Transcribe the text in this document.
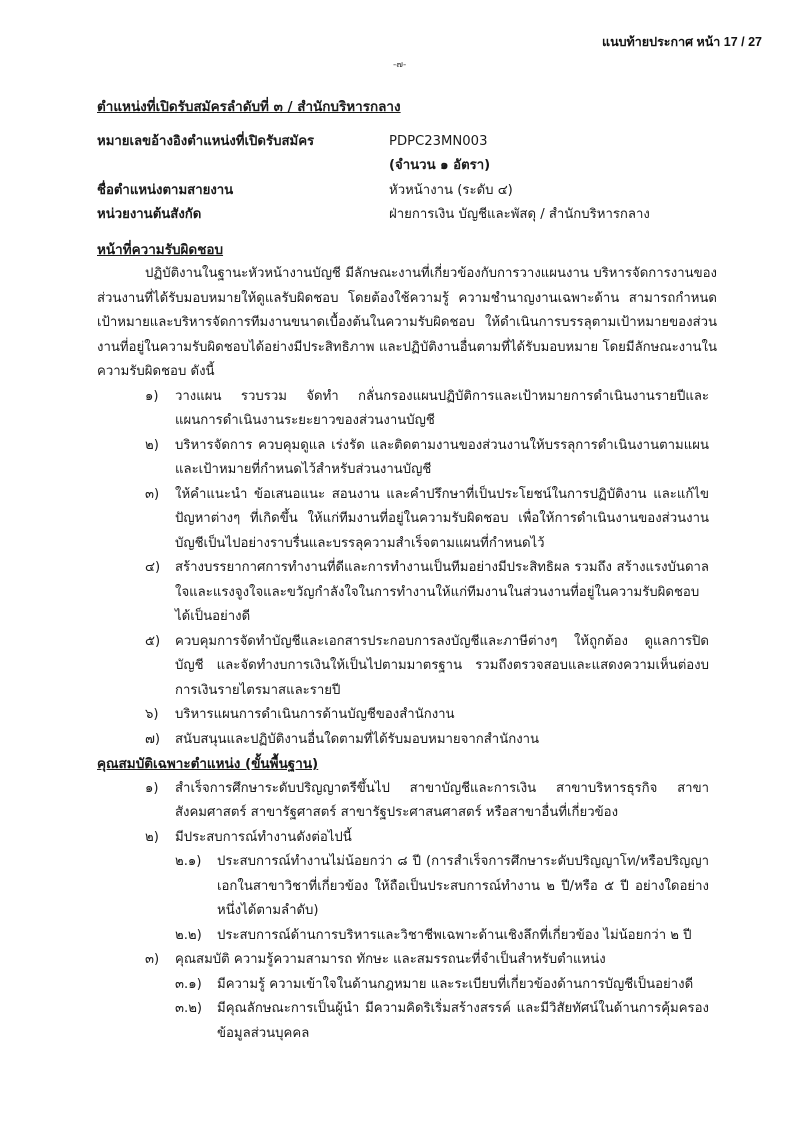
แนบท้ายประกาศ หน้า 17 / 27
-๗-

ตำแหน่งที่เปิดรับสมัครลำดับที่ ๓ / สำนักบริหารกลาง

หมายเลขอ้างอิงตำแหน่งที่เปิดรับสมัคร	PDPC23MN003
(จำนวน ๑ อัตรา)
ชื่อตำแหน่งตามสายงาน	หัวหน้างาน (ระดับ ๔)
หน่วยงานต้นสังกัด	ฝ่ายการเงิน บัญชีและพัสดุ / สำนักบริหารกลาง

หน้าที่ความรับผิดชอบ

ปฏิบัติงานในฐานะหัวหน้างานบัญชี มีลักษณะงานที่เกี่ยวข้องกับการวางแผนงาน บริหารจัดการงานของส่วนงานที่ได้รับมอบหมายให้ดูแลรับผิดชอบ โดยต้องใช้ความรู้ ความชำนาญงานเฉพาะด้าน สามารถกำหนดเป้าหมายและบริหารจัดการทีมงานขนาดเบื้องต้นในความรับผิดชอบ ให้ดำเนินการบรรลุตามเป้าหมายของส่วนงานที่อยู่ในความรับผิดชอบได้อย่างมีประสิทธิภาพ และปฏิบัติงานอื่นตามที่ได้รับมอบหมาย โดยมีลักษณะงานในความรับผิดชอบ ดังนี้

๑)	วางแผน รวบรวม จัดทำ กลั่นกรองแผนปฏิบัติการและเป้าหมายการดำเนินงานรายปีและแผนการดำเนินงานระยะยาวของส่วนงานบัญชี
๒)	บริหารจัดการ ควบคุมดูแล เร่งรัด และติดตามงานของส่วนงานให้บรรลุการดำเนินงานตามแผนและเป้าหมายที่กำหนดไว้สำหรับส่วนงานบัญชี
๓)	ให้คำแนะนำ ข้อเสนอแนะ สอนงาน และคำปรึกษาที่เป็นประโยชน์ในการปฏิบัติงาน และแก้ไขปัญหาต่างๆ ที่เกิดขึ้น ให้แก่ทีมงานที่อยู่ในความรับผิดชอบ เพื่อให้การดำเนินงานของส่วนงานบัญชีเป็นไปอย่างราบรื่นและบรรลุความสำเร็จตามแผนที่กำหนดไว้
๔)	สร้างบรรยากาศการทำงานที่ดีและการทำงานเป็นทีมอย่างมีประสิทธิผล รวมถึง สร้างแรงบันดาลใจและแรงจูงใจและขวัญกำลังใจในการทำงานให้แก่ทีมงานในส่วนงานที่อยู่ในความรับผิดชอบได้เป็นอย่างดี
๕)	ควบคุมการจัดทำบัญชีและเอกสารประกอบการลงบัญชีและภาษีต่างๆ ให้ถูกต้อง ดูแลการปิดบัญชี และจัดทำงบการเงินให้เป็นไปตามมาตรฐาน รวมถึงตรวจสอบและแสดงความเห็นต่องบการเงินรายไตรมาสและรายปี
๖)	บริหารแผนการดำเนินการด้านบัญชีของสำนักงาน
๗)	สนับสนุนและปฏิบัติงานอื่นใดตามที่ได้รับมอบหมายจากสำนักงาน

คุณสมบัติเฉพาะตำแหน่ง (ขั้นพื้นฐาน)

๑)	สำเร็จการศึกษาระดับปริญญาตรีขึ้นไป สาขาบัญชีและการเงิน สาขาบริหารธุรกิจ สาขาสังคมศาสตร์ สาขารัฐศาสตร์ สาขารัฐประศาสนศาสตร์ หรือสาขาอื่นที่เกี่ยวข้อง
๒)	มีประสบการณ์ทำงานดังต่อไปนี้
๒.๑)	ประสบการณ์ทำงานไม่น้อยกว่า ๘ ปี (การสำเร็จการศึกษาระดับปริญญาโท/หรือปริญญาเอกในสาขาวิชาที่เกี่ยวข้อง ให้ถือเป็นประสบการณ์ทำงาน ๒ ปี/หรือ ๕ ปี อย่างใดอย่างหนึ่งได้ตามลำดับ)
๒.๒)	ประสบการณ์ด้านการบริหารและวิชาชีพเฉพาะด้านเชิงลึกที่เกี่ยวข้อง ไม่น้อยกว่า ๒ ปี
๓)	คุณสมบัติ ความรู้ความสามารถ ทักษะ และสมรรถนะที่จำเป็นสำหรับตำแหน่ง
๓.๑)	มีความรู้ ความเข้าใจในด้านกฎหมาย และระเบียบที่เกี่ยวข้องด้านการบัญชีเป็นอย่างดี
๓.๒)	มีคุณลักษณะการเป็นผู้นำ มีความคิดริเริ่มสร้างสรรค์ และมีวิสัยทัศน์ในด้านการคุ้มครองข้อมูลส่วนบุคคล
